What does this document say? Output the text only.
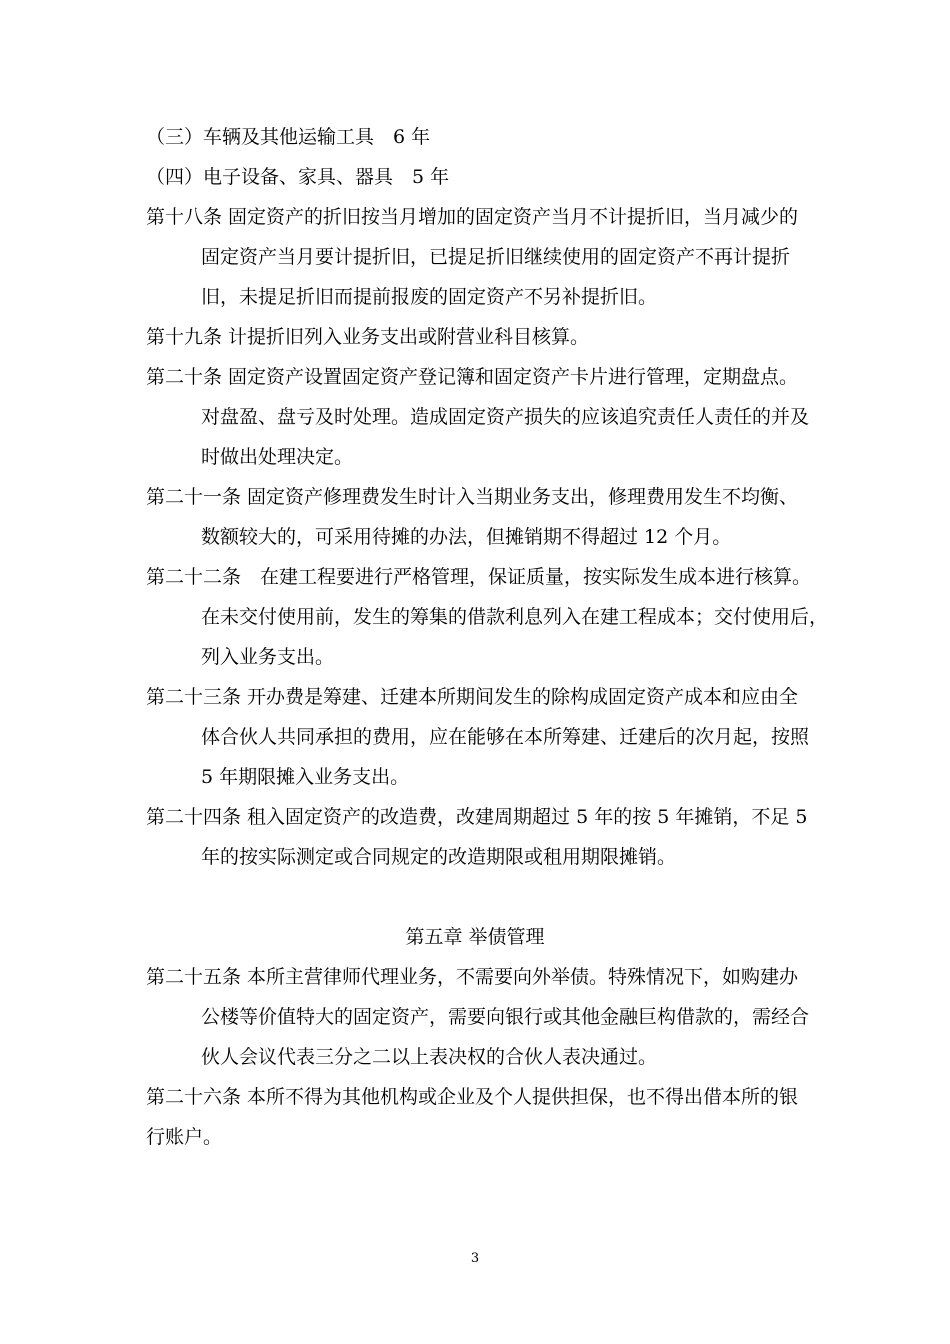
（三）车辆及其他运输工具　6 年
（四）电子设备、家具、器具　5 年
第十八条 固定资产的折旧按当月增加的固定资产当月不计提折旧，当月减少的
固定资产当月要计提折旧，已提足折旧继续使用的固定资产不再计提折
旧，未提足折旧而提前报废的固定资产不另补提折旧。
第十九条 计提折旧列入业务支出或附营业科目核算。
第二十条 固定资产设置固定资产登记簿和固定资产卡片进行管理，定期盘点。
对盘盈、盘亏及时处理。造成固定资产损失的应该追究责任人责任的并及
时做出处理决定。
第二十一条 固定资产修理费发生时计入当期业务支出，修理费用发生不均衡、
数额较大的，可采用待摊的办法，但摊销期不得超过 12 个月。
第二十二条　在建工程要进行严格管理，保证质量，按实际发生成本进行核算。
在未交付使用前，发生的筹集的借款利息列入在建工程成本；交付使用后，
列入业务支出。
第二十三条 开办费是筹建、迁建本所期间发生的除构成固定资产成本和应由全
体合伙人共同承担的费用，应在能够在本所筹建、迁建后的次月起，按照
5 年期限摊入业务支出。
第二十四条 租入固定资产的改造费，改建周期超过 5 年的按 5 年摊销，不足 5
年的按实际测定或合同规定的改造期限或租用期限摊销。
第五章 举债管理
第二十五条 本所主营律师代理业务，不需要向外举债。特殊情况下，如购建办
公楼等价值特大的固定资产，需要向银行或其他金融巨构借款的，需经合
伙人会议代表三分之二以上表决权的合伙人表决通过。
第二十六条 本所不得为其他机构或企业及个人提供担保，也不得出借本所的银
行账户。
3
